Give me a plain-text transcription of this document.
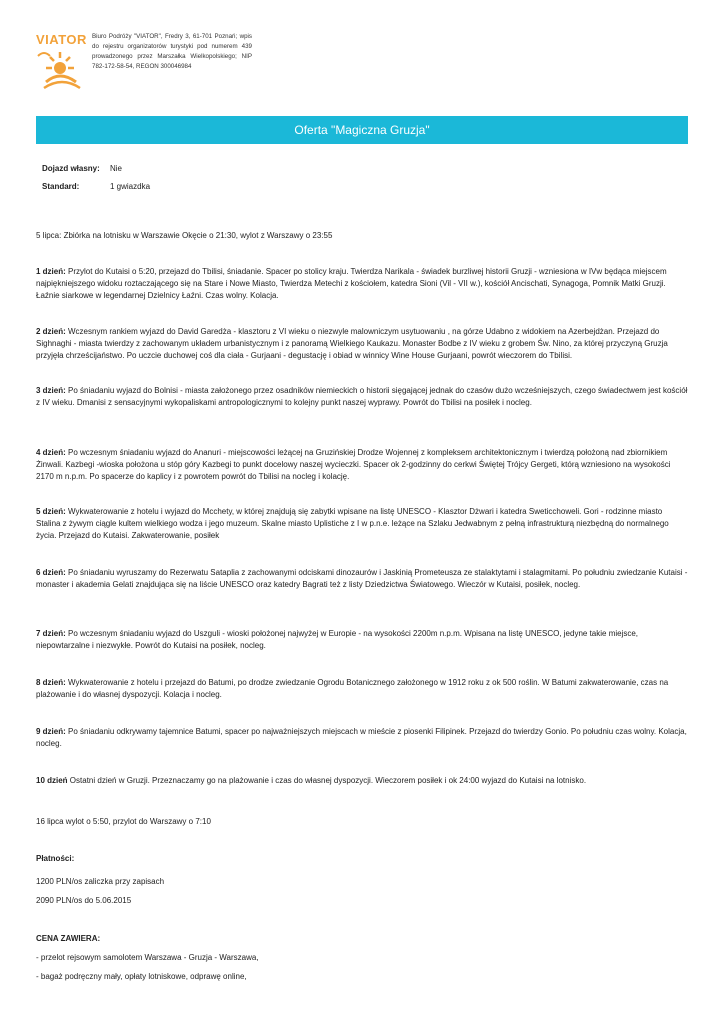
VIATOR Biuro Podróży "VIATOR", Fredry 3, 61-701 Poznań; wpis do rejestru organizatorów turystyki pod numerem 439 prowadzonego przez Marszałka Wielkopolskiego; NIP 782-172-58-54, REGON 300046984
Oferta "Magiczna Gruzja"
Dojazd własny:	Nie
Standard:	1 gwiazdka

5 lipca: Zbiórka na lotnisku w Warszawie Okęcie o 21:30, wylot z Warszawy o 23:55

1 dzień: Przylot do Kutaisi o 5:20, przejazd do Tbilisi, śniadanie. Spacer po stolicy kraju. Twierdza Narikala - świadek burzliwej historii Gruzji - wzniesiona w IVw będąca miejscem najpiękniejszego widoku roztaczającego się na Stare i Nowe Miasto, Twierdza Metechi z kościołem, katedra Sioni (Vil - VII w.), kościół Ancischati, Synagoga, Pomnik Matki Gruzji. Łaźnie siarkowe w legendarnej Dzielnicy Łaźni. Czas wolny. Kolacja.

2 dzień: Wczesnym rankiem wyjazd do David Garedża - klasztoru z VI wieku o niezwyle malowniczym usytuowaniu , na górze Udabno z widokiem na Azerbejdżan. Przejazd do Sighnaghi - miasta twierdzy z zachowanym układem urbanistycznym i z panoramą Wielkiego Kaukazu. Monaster Bodbe z IV wieku z grobem Św. Nino, za której przyczyną Gruzja przyjęła chrześcijaństwo. Po uczcie duchowej coś dla ciała - Gurjaani - degustację i obiad w winnicy Wine House Gurjaani, powrót wieczorem do Tbilisi.

3 dzień: Po śniadaniu wyjazd do Bolnisi - miasta założonego przez osadników niemieckich o historii sięgającej jednak do czasów dużo wcześniejszych, czego świadectwem jest kościół z IV wieku. Dmanisi z sensacyjnymi wykopaliskami antropologicznymi to kolejny punkt naszej wyprawy. Powrót do Tbilisi na posiłek i nocleg.

4 dzień: Po wczesnym śniadaniu wyjazd do Ananuri - miejscowości leżącej na Gruzińskiej Drodze Wojennej z kompleksem architektonicznym i twierdzą położoną nad zbiornikiem Żinwali. Kazbegi -wioska położona u stóp góry Kazbegi to punkt docelowy naszej wycieczki. Spacer ok 2-godzinny do cerkwi Świętej Trójcy Gergeti, którą wzniesiono na wysokości 2170 m n.p.m. Po spacerze do kaplicy i z powrotem powrót do Tbilisi na nocleg i kolację.

5 dzień: Wykwaterowanie z hotelu i wyjazd do Mcchety, w której znajdują się zabytki wpisane na listę UNESCO - Klasztor Dżwari i katedra Sweticchoweli. Gori - rodzinne miasto Stalina z żywym ciągle kultem wielkiego wodza i jego muzeum. Skalne miasto Uplistiche z I w p.n.e. leżące na Szlaku Jedwabnym z pełną infrastrukturą niezbędną do normalnego życia. Przejazd do Kutaisi. Zakwaterowanie, posiłek

6 dzień: Po śniadaniu wyruszamy do Rezerwatu Sataplia z zachowanymi odciskami dinozaurów i Jaskinią Prometeusza ze stalaktytami i stalagmitami. Po południu zwiedzanie Kutaisi - monaster i akademia Gelati znajdująca się na liście UNESCO oraz katedry Bagrati też z listy Dziedzictwa Światowego. Wieczór w Kutaisi, posiłek, nocleg.

7 dzień: Po wczesnym śniadaniu wyjazd do Uszguli - wioski położonej najwyżej w Europie - na wysokości 2200m n.p.m. Wpisana na listę UNESCO, jedyne takie miejsce, niepowtarzalne i niezwykłe. Powrót do Kutaisi na posiłek, nocleg.

8 dzień: Wykwaterowanie z hotelu i przejazd do Batumi, po drodze zwiedzanie Ogrodu Botanicznego założonego w 1912 roku z ok 500 roślin. W Batumi zakwaterowanie, czas na plażowanie i do własnej dyspozycji. Kolacja i nocleg.

9 dzień: Po śniadaniu odkrywamy tajemnice Batumi, spacer po najważniejszych miejscach w mieście z piosenki Filipinek. Przejazd do twierdzy Gonio. Po południu czas wolny. Kolacja, nocleg.

10 dzień Ostatni dzień w Gruzji. Przeznaczamy go na plażowanie i czas do własnej dyspozycji. Wieczorem posiłek i ok 24:00 wyjazd do Kutaisi na lotnisko.

16 lipca wylot o 5:50, przylot do Warszawy o 7:10

Płatności:

1200 PLN/os zaliczka przy zapisach

2090 PLN/os do 5.06.2015

CENA ZAWIERA:

- przelot rejsowym samolotem Warszawa - Gruzja - Warszawa,

- bagaż podręczny mały, opłaty lotniskowe, odprawę online,
